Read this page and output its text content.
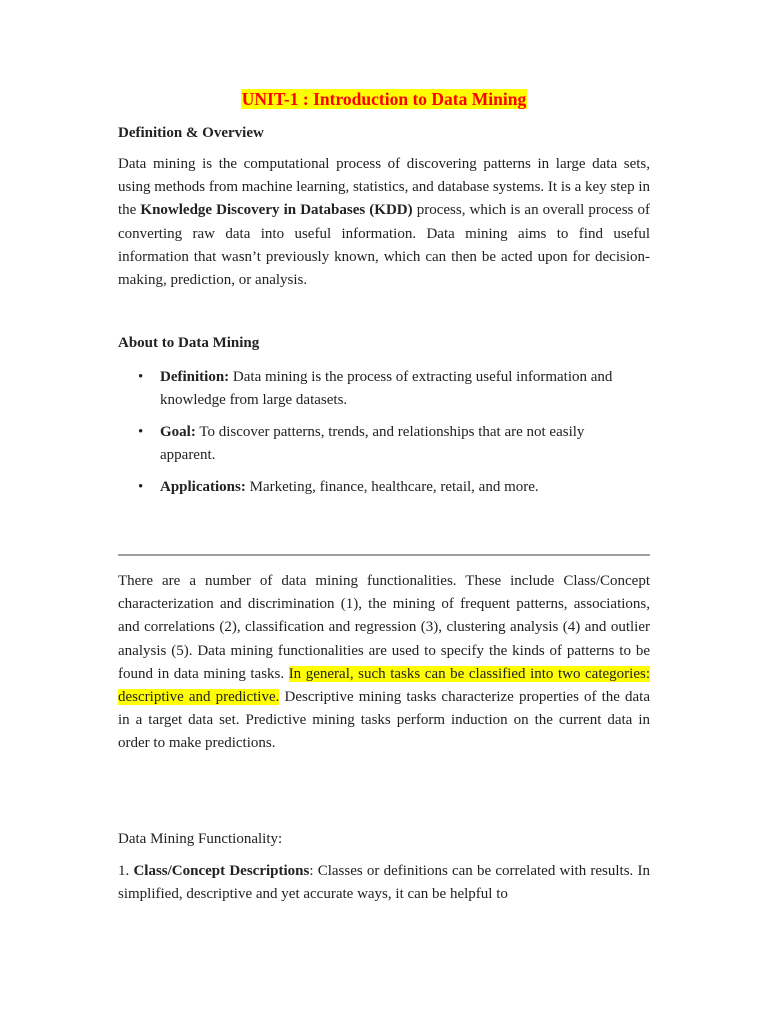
UNIT-1 : Introduction to Data Mining

Definition & Overview

Data mining is the computational process of discovering patterns in large data sets, using methods from machine learning, statistics, and database systems. It is a key step in the Knowledge Discovery in Databases (KDD) process, which is an overall process of converting raw data into useful information. Data mining aims to find useful information that wasn’t previously known, which can then be acted upon for decision-making, prediction, or analysis.

About to Data Mining

• Definition: Data mining is the process of extracting useful information and knowledge from large datasets.
• Goal: To discover patterns, trends, and relationships that are not easily apparent.
• Applications: Marketing, finance, healthcare, retail, and more.

There are a number of data mining functionalities. These include Class/Concept characterization and discrimination (1), the mining of frequent patterns, associations, and correlations (2), classification and regression (3), clustering analysis (4) and outlier analysis (5). Data mining functionalities are used to specify the kinds of patterns to be found in data mining tasks. In general, such tasks can be classified into two categories: descriptive and predictive. Descriptive mining tasks characterize properties of the data in a target data set. Predictive mining tasks perform induction on the current data in order to make predictions.

Data Mining Functionality:

1. Class/Concept Descriptions: Classes or definitions can be correlated with results. In simplified, descriptive and yet accurate ways, it can be helpful to
